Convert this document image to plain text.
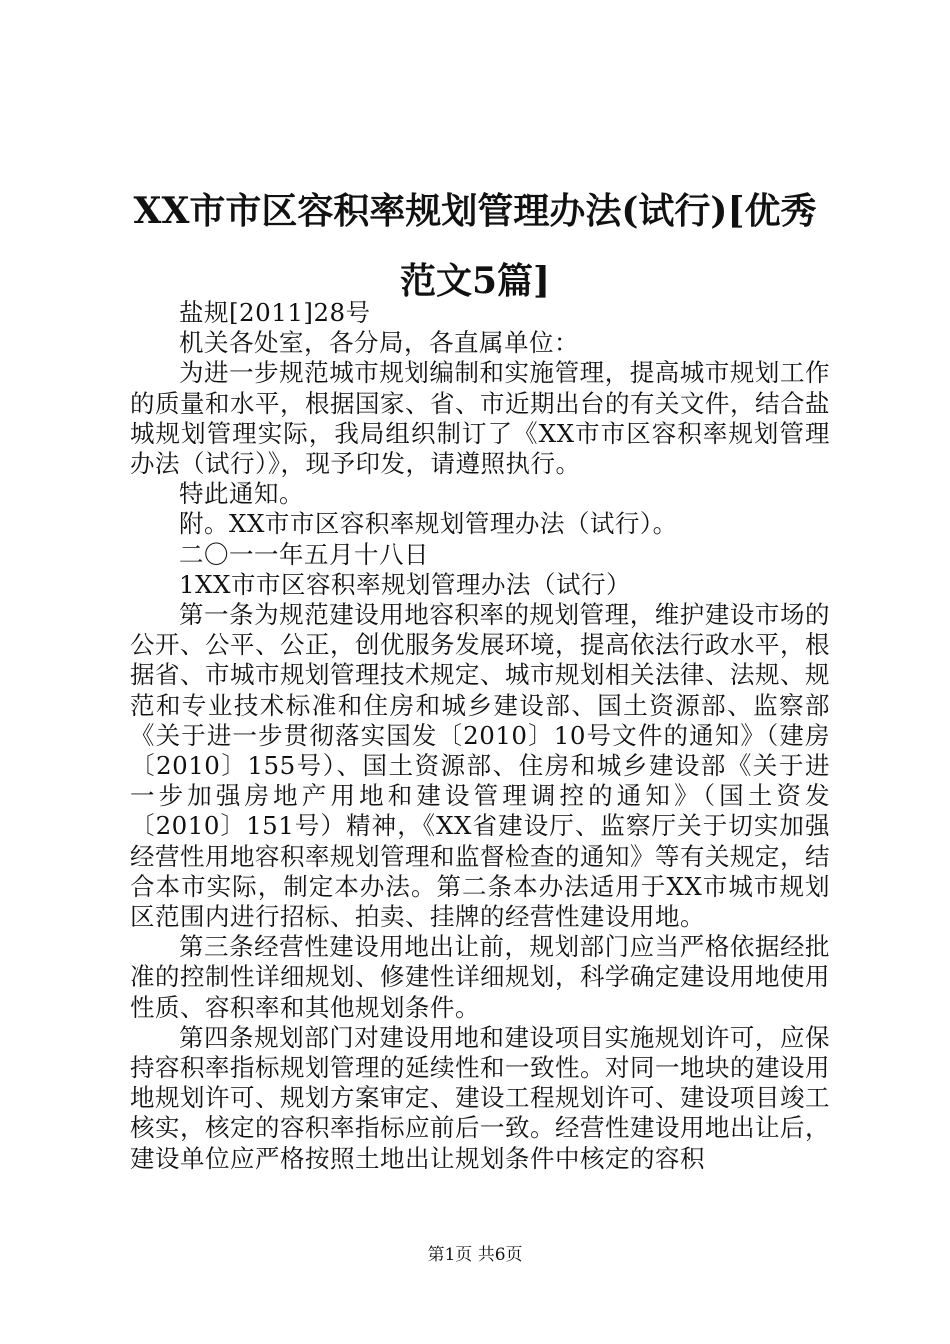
XX市市区容积率规划管理办法(试行)[优秀范文5篇]

盐规[2011]28号

机关各处室，各分局，各直属单位：

为进一步规范城市规划编制和实施管理，提高城市规划工作的质量和水平，根据国家、省、市近期出台的有关文件，结合盐城规划管理实际，我局组织制订了《XX市市区容积率规划管理办法（试行）》，现予印发，请遵照执行。

特此通知。

附。XX市市区容积率规划管理办法（试行）。

二〇一一年五月十八日

1XX市市区容积率规划管理办法（试行）

第一条为规范建设用地容积率的规划管理，维护建设市场的公开、公平、公正，创优服务发展环境，提高依法行政水平，根据省、市城市规划管理技术规定、城市规划相关法律、法规、规范和专业技术标准和住房和城乡建设部、国土资源部、监察部《关于进一步贯彻落实国发〔2010〕10号文件的通知》（建房〔2010〕155号）、国土资源部、住房和城乡建设部《关于进一步加强房地产用地和建设管理调控的通知》（国土资发〔2010〕151号）精神，《XX省建设厅、监察厅关于切实加强经营性用地容积率规划管理和监督检查的通知》等有关规定，结合本市实际，制定本办法。第二条本办法适用于XX市城市规划区范围内进行招标、拍卖、挂牌的经营性建设用地。

第三条经营性建设用地出让前，规划部门应当严格依据经批准的控制性详细规划、修建性详细规划，科学确定建设用地使用性质、容积率和其他规划条件。

第四条规划部门对建设用地和建设项目实施规划许可，应保持容积率指标规划管理的延续性和一致性。对同一地块的建设用地规划许可、规划方案审定、建设工程规划许可、建设项目竣工核实，核定的容积率指标应前后一致。经营性建设用地出让后，建设单位应严格按照土地出让规划条件中核定的容积

第1页 共6页
